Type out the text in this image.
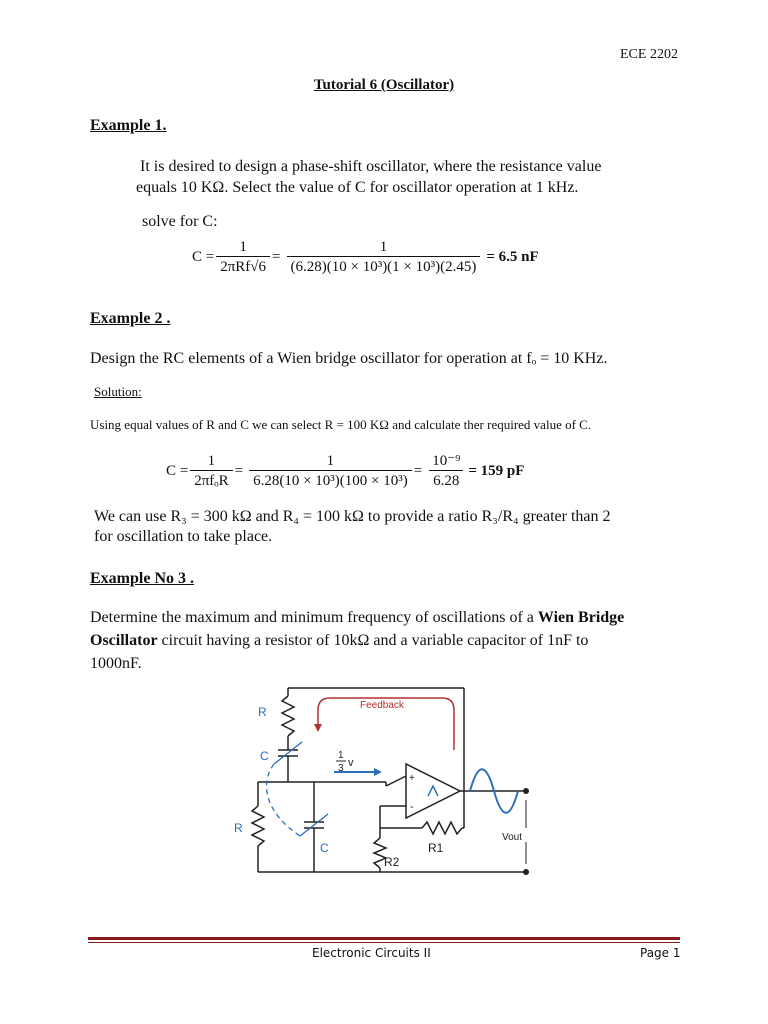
ECE 2202
Tutorial 6 (Oscillator)
Example 1.
It is desired to design a phase-shift oscillator, where the resistance value
equals 10 KΩ. Select the value of C for oscillator operation at 1 kHz.
solve for C:
$C = \frac{1}{\text{2πRf√6}} = \frac{1}{\text{(6.28)(10 × 10³)(1 × 10³)(2.45)}} = 6.5$ nF
Example 2 .
Design the RC elements of a Wien bridge oscillator for operation at fₒ = 10 KHz.
Solution:
Using equal values of R and C we can select R = 100 KΩ and calculate ther required value of C.
$C = \frac{1}{\text{2πfₒR}} = \frac{1}{\text{6.28(10 × 10³)(100 × 10³)}} = \frac{\text{10⁻⁹}}{6.28} = 159$ pF
We can use R₃ = 300 kΩ and R₄ = 100 kΩ to provide a ratio R₃/R₄ greater than 2
for oscillation to take place.
Example No 3 .
Determine the maximum and minimum frequency of oscillations of a Wien Bridge
Oscillator circuit having a resistor of 10kΩ and a variable capacitor of 1nF to
1000nF.
R
C
R
C
Feedback
1
3 v
+
-
R1
R2
Vout
Electronic Circuits II	Page 1
